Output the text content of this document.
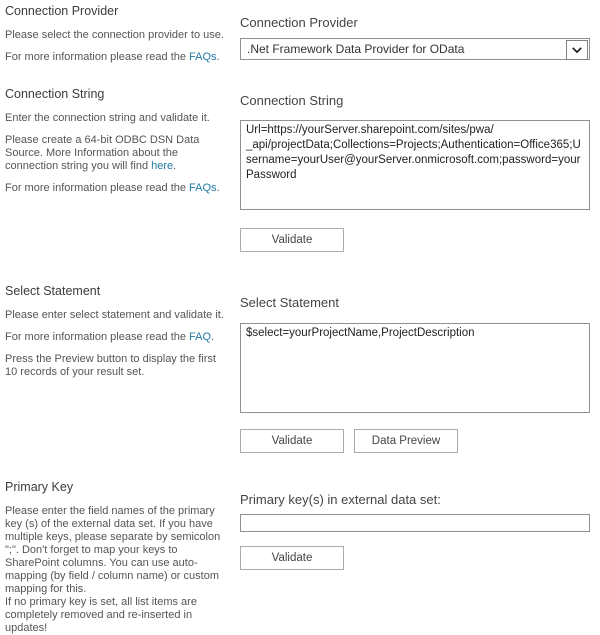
Connection Provider

Please select the connection provider to use.

For more information please read the FAQs.

Connection Provider
.Net Framework Data Provider for OData
Connection String

Enter the connection string and validate it.

Please create a 64-bit ODBC DSN Data Source. More Information about the connection string you will find here.

For more information please read the FAQs.

Connection String
Url=https://yourServer.sharepoint.com/sites/pwa/ _api/projectData;Collections=Projects;Authentication=Office365;Username=yourUser@yourServer.onmicrosoft.com;password=yourPassword Validate
Select Statement

Please enter select statement and validate it.

For more information please read the FAQ.

Press the Preview button to display the first 10 records of your result set.

Select Statement
$select=yourProjectName,ProjectDescription
Validate	Data Preview
Primary Key

Please enter the field names of the primary key (s) of the external data set. If you have multiple keys, please separate by semicolon ";". Don't forget to map your keys to SharePoint columns. You can use auto-mapping (by field / column name) or custom mapping for this.

If no primary key is set, all list items are completely removed and re-inserted in updates!

Primary key(s) in external data set:
Validate
